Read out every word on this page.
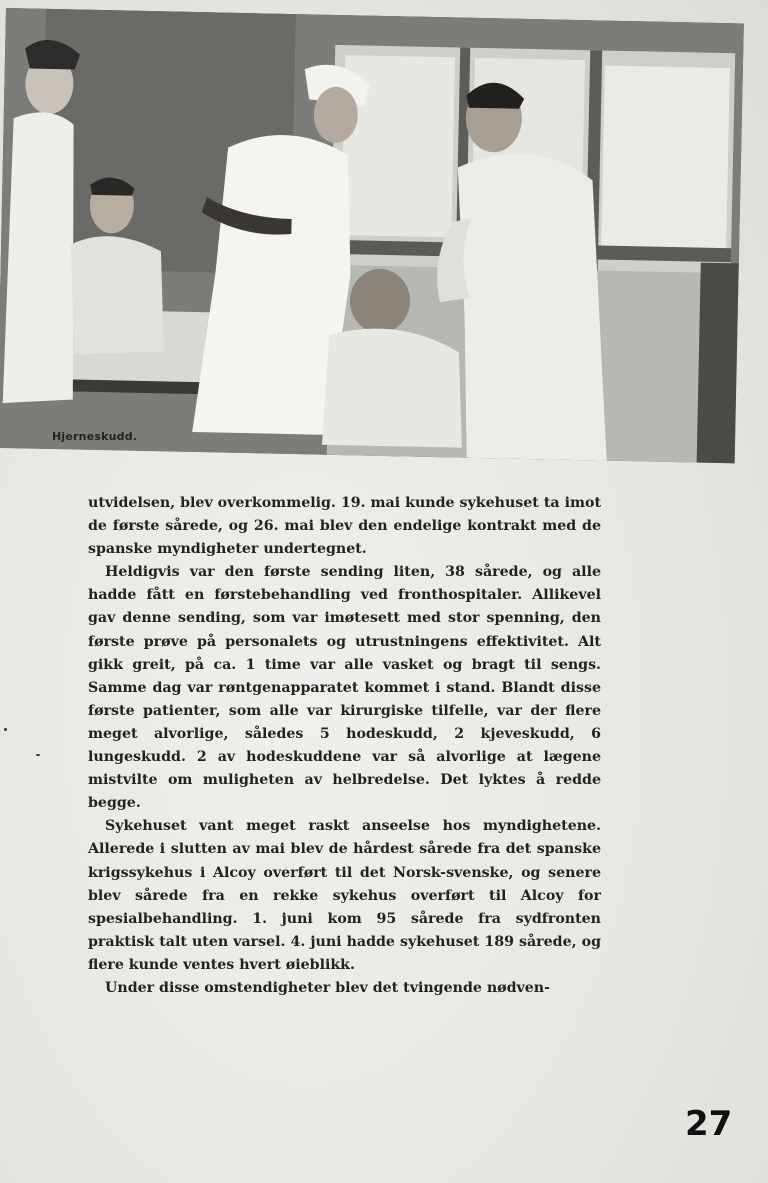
Hjerneskudd.

utvidelsen, blev overkommelig. 19. mai kunde sykehuset ta imot de første sårede, og 26. mai blev den endelige kontrakt med de spanske myndigheter undertegnet.

Heldigvis var den første sending liten, 38 sårede, og alle hadde fått en førstebehandling ved fronthospitaler. Allikevel gav denne sending, som var imøtesett med stor spenning, den første prøve på personalets og utrustningens effektivitet. Alt gikk greit, på ca. 1 time var alle vasket og bragt til sengs. Samme dag var røntgenapparatet kommet i stand. Blandt disse første patienter, som alle var kirurgiske tilfelle, var der flere meget alvorlige, således 5 hodeskudd, 2 kjeveskudd, 6 lungeskudd. 2 av hodeskuddene var så alvorlige at lægene mistvilte om muligheten av helbredelse. Det lyktes å redde begge.

Sykehuset vant meget raskt anseelse hos myndighetene. Allerede i slutten av mai blev de hårdest sårede fra det spanske krigssykehus i Alcoy overført til det Norsk-svenske, og senere blev sårede fra en rekke sykehus overført til Alcoy for spesialbehandling. 1. juni kom 95 sårede fra sydfronten praktisk talt uten varsel. 4. juni hadde sykehuset 189 sårede, og flere kunde ventes hvert øieblikk.

Under disse omstendigheter blev det tvingende nødven-

27
